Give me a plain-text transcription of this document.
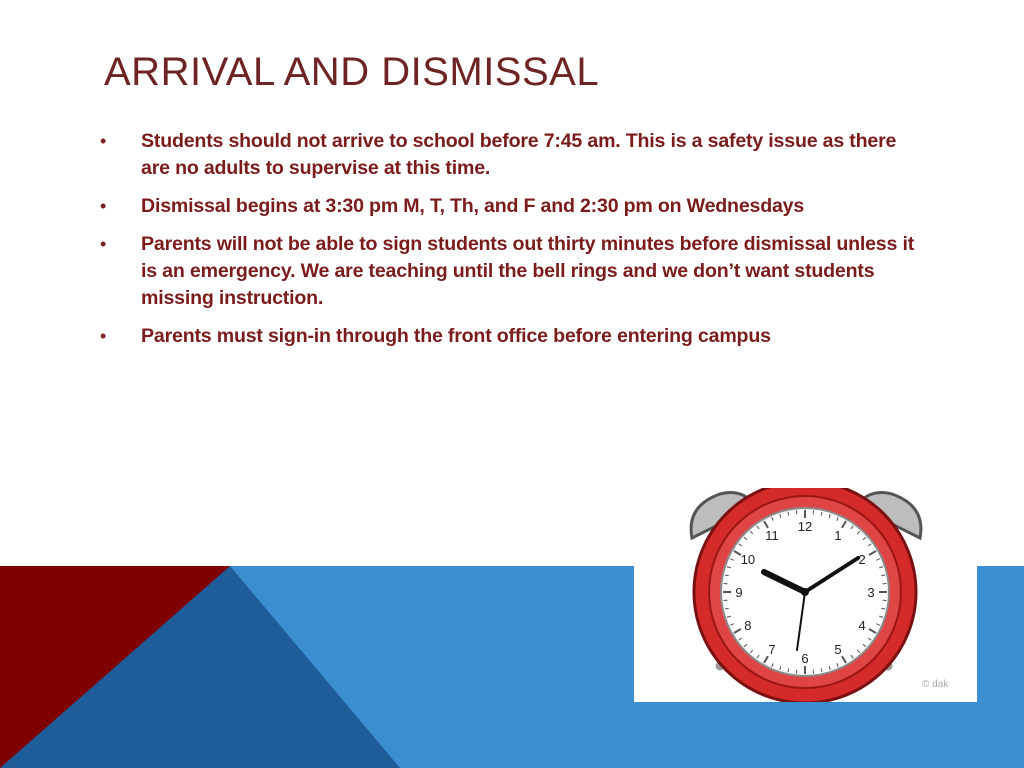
ARRIVAL AND DISMISSAL
• Students should not arrive to school before 7:45 am. This is a safety issue as there are no adults to supervise at this time.
• Dismissal begins at 3:30 pm M, T, Th, and F and 2:30 pm on Wednesdays
• Parents will not be able to sign students out thirty minutes before dismissal unless it is an emergency. We are teaching until the bell rings and we don’t want students missing instruction.
• Parents must sign-in through the front office before entering campus
12
1
2
3
4
5
6
7
8
9
10
11
© dak
